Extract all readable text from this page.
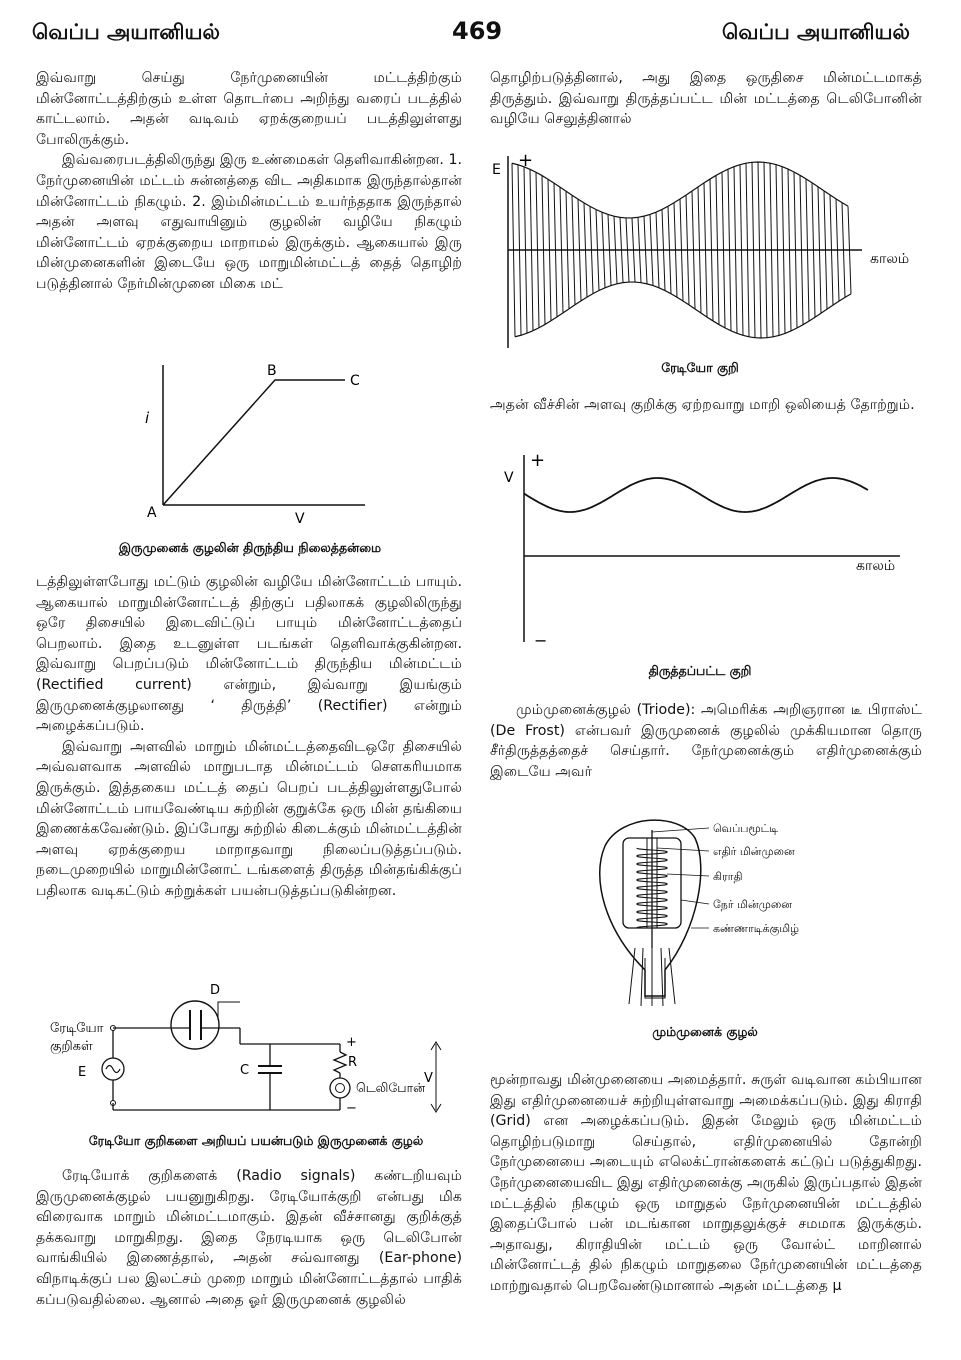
வெப்ப அயானியல்	469	வெப்ப அயானியல்

இவ்வாறு செய்து நேர்முனையின் மட்டத்திற்கும் மின்னோட்டத்திற்கும் உள்ள தொடர்பை அறிந்து வரைப் படத்தில் காட்டலாம். அதன் வடிவம் ஏறக்குறையப் படத்திலுள்ளது போலிருக்கும்.

இவ்வரைபடத்திலிருந்து இரு உண்மைகள் தெளிவாகின்றன. 1. நேர்முனையின் மட்டம் சுன்னத்தை விட அதிகமாக இருந்தால்தான் மின்னோட்டம் நிகழும். 2. இம்மின்மட்டம் உயர்ந்ததாக இருந்தால் அதன் அளவு எதுவாயினும் குழலின் வழியே நிகழும் மின்னோட்டம் ஏறக்குறைய மாறாமல் இருக்கும். ஆகையால் இரு மின்முனைகளின் இடையே ஒரு மாறுமின்மட்டத் தைத் தொழிற் படுத்தினால் நேர்மின்முனை மிகை மட்

i
V
A
B
C
இருமுனைக் குழலின் திருந்திய நிலைத்தன்மை

டத்திலுள்ளபோது மட்டும் குழலின் வழியே மின்னோட்டம் பாயும். ஆகையால் மாறுமின்னோட்டத் திற்குப் பதிலாகக் குழலிலிருந்து ஒரே திசையில் இடைவிட்டுப் பாயும் மின்னோட்டத்தைப் பெறலாம். இதை உடனுள்ள படங்கள் தெளிவாக்குகின்றன. இவ்வாறு பெறப்படும் மின்னோட்டம் திருந்திய மின்மட்டம் (Rectified current) என்றும், இவ்வாறு இயங்கும் இருமுனைக்குழலானது ‘ திருத்தி’ (Rectifier) என்றும் அழைக்கப்படும்.

இவ்வாறு அளவில் மாறும் மின்மட்டத்தைவிடஒரே திசையில் அவ்வளவாக அளவில் மாறுபடாத மின்மட்டம் சௌகரியமாக இருக்கும். இத்தகைய மட்டத் தைப் பெறப் படத்திலுள்ளதுபோல் மின்னோட்டம் பாயவேண்டிய சுற்றின் குறுக்கே ஒரு மின் தங்கியை இணைக்கவேண்டும். இப்போது சுற்றில் கிடைக்கும் மின்மட்டத்தின் அளவு ஏறக்குறைய மாறாதவாறு நிலைப்படுத்தப்படும். நடைமுறையில் மாறுமின்னோட் டங்களைத் திருத்த மின்தங்கிக்குப் பதிலாக வடிகட்டும் சுற்றுக்கள் பயன்படுத்தப்படுகின்றன.

ரேடியோ
குறிகள்
E
D
C
+
R
டெலிபோன்
−
V
ரேடியோ குறிகளை அறியப் பயன்படும் இருமுனைக் குழல்

ரேடியோக் குறிகளைக் (Radio signals) கண்டறியவும் இருமுனைக்குழல் பயனுறுகிறது. ரேடியோக்குறி என்பது மிக விரைவாக மாறும் மின்மட்டமாகும். இதன் வீச்சானது குறிக்குத் தக்கவாறு மாறுகிறது. இதை நேரடியாக ஒரு டெலிபோன் வாங்கியில் இணைத்தால், அதன் சவ்வானது (Ear-phone) விநாடிக்குப் பல இலட்சம் முறை மாறும் மின்னோட்டத்தால் பாதிக் கப்படுவதில்லை. ஆனால் அதை ஓர் இருமுனைக் குழலில்

தொழிற்படுத்தினால், அது இதை ஒருதிசை மின்மட்டமாகத் திருத்தும். இவ்வாறு திருத்தப்பட்ட மின் மட்டத்தை டெலிபோனின் வழியே செலுத்தினால்

E +
காலம்
ரேடியோ குறி

அதன் வீச்சின் அளவு குறிக்கு ஏற்றவாறு மாறி ஒலியைத் தோற்றும்.

V
+
−
காலம்
திருத்தப்பட்ட குறி

மும்முனைக்குழல் (Triode): அமெரிக்க அறிஞரான டீ பிராஸ்ட் (De Frost) என்பவர் இருமுனைக் குழலில் முக்கியமான தொரு சீர்திருத்தத்தைச் செய்தார். நேர்முனைக்கும் எதிர்முனைக்கும் இடையே அவர்

வெப்பமூட்டி
எதிர் மின்முனை
கிராதி
நேர் மின்முனை
கண்ணாடிக்குமிழ்
மும்முனைக் குழல்

மூன்றாவது மின்முனையை அமைத்தார். சுருள் வடிவான கம்பியான இது எதிர்முனையைச் சுற்றியுள்ளவாறு அமைக்கப்படும். இது கிராதி (Grid) என அழைக்கப்படும். இதன் மேலும் ஒரு மின்மட்டம் தொழிற்படுமாறு செய்தால், எதிர்முனையில் தோன்றி நேர்முனையை அடையும் எலெக்ட்ரான்களைக் கட்டுப் படுத்துகிறது. நேர்முனையைவிட இது எதிர்முனைக்கு அருகில் இருப்பதால் இதன் மட்டத்தில் நிகழும் ஒரு மாறுதல் நேர்முனையின் மட்டத்தில் இதைப்போல் பன் மடங்கான மாறுதலுக்குச் சமமாக இருக்கும். அதாவது, கிராதியின் மட்டம் ஒரு வோல்ட் மாறினால் மின்னோட்டத் தில் நிகழும் மாறுதலை நேர்முனையின் மட்டத்தை மாற்றுவதால் பெறவேண்டுமானால் அதன் மட்டத்தை μ
